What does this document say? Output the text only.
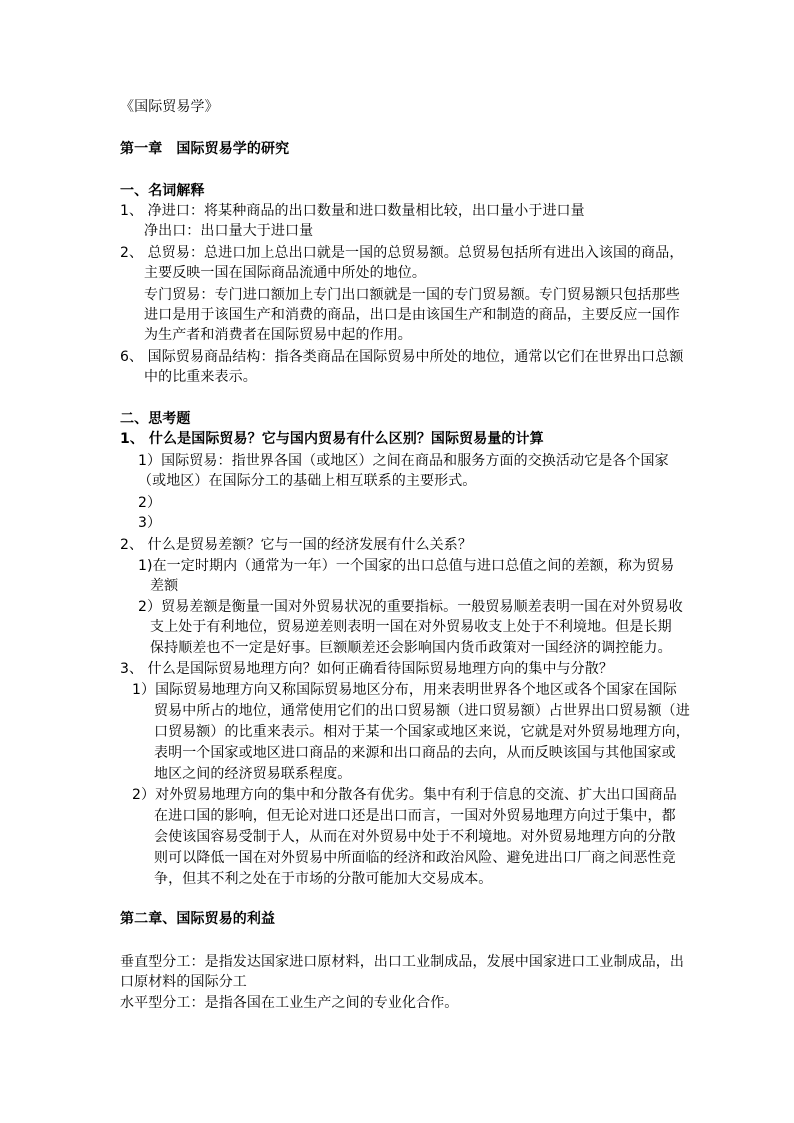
《国际贸易学》
第一章　国际贸易学的研究
一、名词解释
1、 净进口：将某种商品的出口数量和进口数量相比较，出口量小于进口量
净出口：出口量大于进口量
2、 总贸易：总进口加上总出口就是一国的总贸易额。总贸易包括所有进出入该国的商品，
主要反映一国在国际商品流通中所处的地位。
专门贸易：专门进口额加上专门出口额就是一国的专门贸易额。专门贸易额只包括那些
进口是用于该国生产和消费的商品，出口是由该国生产和制造的商品，主要反应一国作
为生产者和消费者在国际贸易中起的作用。
6、 国际贸易商品结构：指各类商品在国际贸易中所处的地位，通常以它们在世界出口总额
中的比重来表示。
二、思考题
1、 什么是国际贸易？它与国内贸易有什么区别？国际贸易量的计算
1）国际贸易：指世界各国（或地区）之间在商品和服务方面的交换活动它是各个国家
（或地区）在国际分工的基础上相互联系的主要形式。
2）
3）
2、 什么是贸易差额？它与一国的经济发展有什么关系？
1)在一定时期内（通常为一年）一个国家的出口总值与进口总值之间的差额，称为贸易
差额
2）贸易差额是衡量一国对外贸易状况的重要指标。一般贸易顺差表明一国在对外贸易收
支上处于有利地位，贸易逆差则表明一国在对外贸易收支上处于不利境地。但是长期
保持顺差也不一定是好事。巨额顺差还会影响国内货币政策对一国经济的调控能力。
3、 什么是国际贸易地理方向？如何正确看待国际贸易地理方向的集中与分散？
1）国际贸易地理方向又称国际贸易地区分布，用来表明世界各个地区或各个国家在国际
贸易中所占的地位，通常使用它们的出口贸易额（进口贸易额）占世界出口贸易额（进
口贸易额）的比重来表示。相对于某一个国家或地区来说，它就是对外贸易地理方向，
表明一个国家或地区进口商品的来源和出口商品的去向，从而反映该国与其他国家或
地区之间的经济贸易联系程度。
2）对外贸易地理方向的集中和分散各有优劣。集中有利于信息的交流、扩大出口国商品
在进口国的影响，但无论对进口还是出口而言，一国对外贸易地理方向过于集中，都
会使该国容易受制于人，从而在对外贸易中处于不利境地。对外贸易地理方向的分散
则可以降低一国在对外贸易中所面临的经济和政治风险、避免进出口厂商之间恶性竞
争，但其不利之处在于市场的分散可能加大交易成本。
第二章、国际贸易的利益
垂直型分工：是指发达国家进口原材料，出口工业制成品，发展中国家进口工业制成品，出
口原材料的国际分工
水平型分工：是指各国在工业生产之间的专业化合作。
